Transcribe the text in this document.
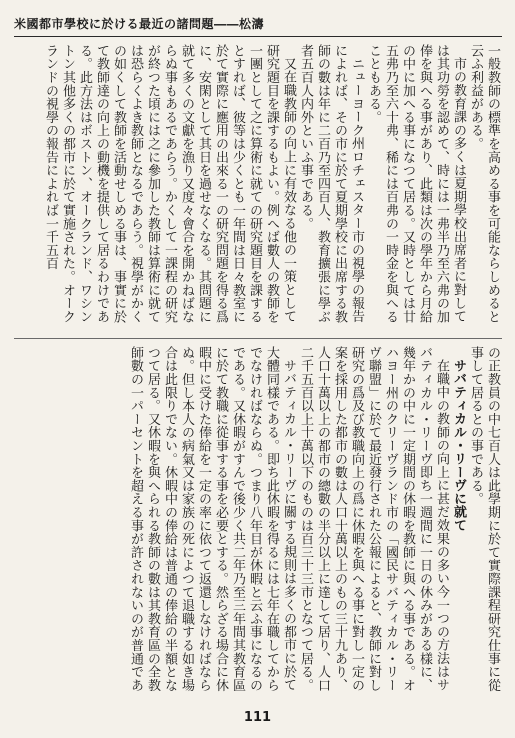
米國都市學校に於ける最近の諸問題――松濤

一般教師の標準を高める事を可能ならしめると云ふ利益がある。

市の教育課の多くは夏期學校出席者に對しては其功勞を認めて、時には一弗半乃至六弗の加俸を與へる事があり、此類は次の學年から月給の中に加へる事になつて居る。又時としては廿五弗乃至六十弗、稀には百弗の一時金を與へることもある。

ニューヨーク州ロチェスター市の視學の報告によれば、その市に於て夏期學校に出席する教師の數は年に二百乃至四百人、教育擴張に學ぶ者五百人内外といふ事である。

又在職教師の向上に有效なる他の一策として研究題目を課するもよい。例へば數人の教師を一團として之に算術に就ての研究題目を課するとすれば、彼等は少くとも一年間は日々教室に於て實際に應用の出來る一の研究問題を得る爲に、安閑として其日を過せなくなる。其問題に就て多くの文獻を漁り又度々會合を開かねばならぬ事もあるであらう。かくして一課程の研究が終つた頃には之に參加した教師は算術に就ては恐らくよき教師となるであらう。視學がかくの如くして教師を活動せしめる事は、事實に於て教師達の向上の動機を提供して居るわけである。此方法はボストン、オークランド、ワシントン其他多くの都市に於て實施された。オークランドの視學の報告によれば一千五百

の正教員の中七百人は此學期に於て實際課程研究仕事に從事して居るとの事である。

サバティカル・リーヴに就て

在職中の教師の向上に甚だ效果の多い今一つの方法はサバティカル・リーヴ即ち一週間に一日の休みがある樣に、幾年かの中に一定期間の休暇を教師に與へる事である。オハヨー州のクリーヴランド市の「國民サバティカル・リーヴ聯盟」に於て最近發行された公報によると、教師に對し研究の爲及び教職向上の爲に休暇を與へる事に對し一定の案を採用した都市の數は人口十萬以上のもの三十九あり、人口十萬以上の都市の總數の半分以上に達して居り、人口二千五百以上十萬以下のものは百三十三市となつて居る。

サバティカル・リーヴに關する規則は多くの都市に於て大體同樣である。即ち此休暇を得るには七年在職してからでなければならぬ。つまり八年目が休暇と云ふ事になるのである。又休暇がすんで後少く共二年乃至三年間其教育區に於て教職に從事する事を必要とする。然らざる場合に休暇中に受けた俸給を一定の率に依つて返還しなければならぬ。但し本人の病氣又は家族の死によつて退職する如き場合は此限りでない。休暇中の俸給は普通の俸給の半額となつて居る。又休暇を與へられる教師の數は其教育區の全教師數の一パーセントを超える事が許されないのが普通であ

111
